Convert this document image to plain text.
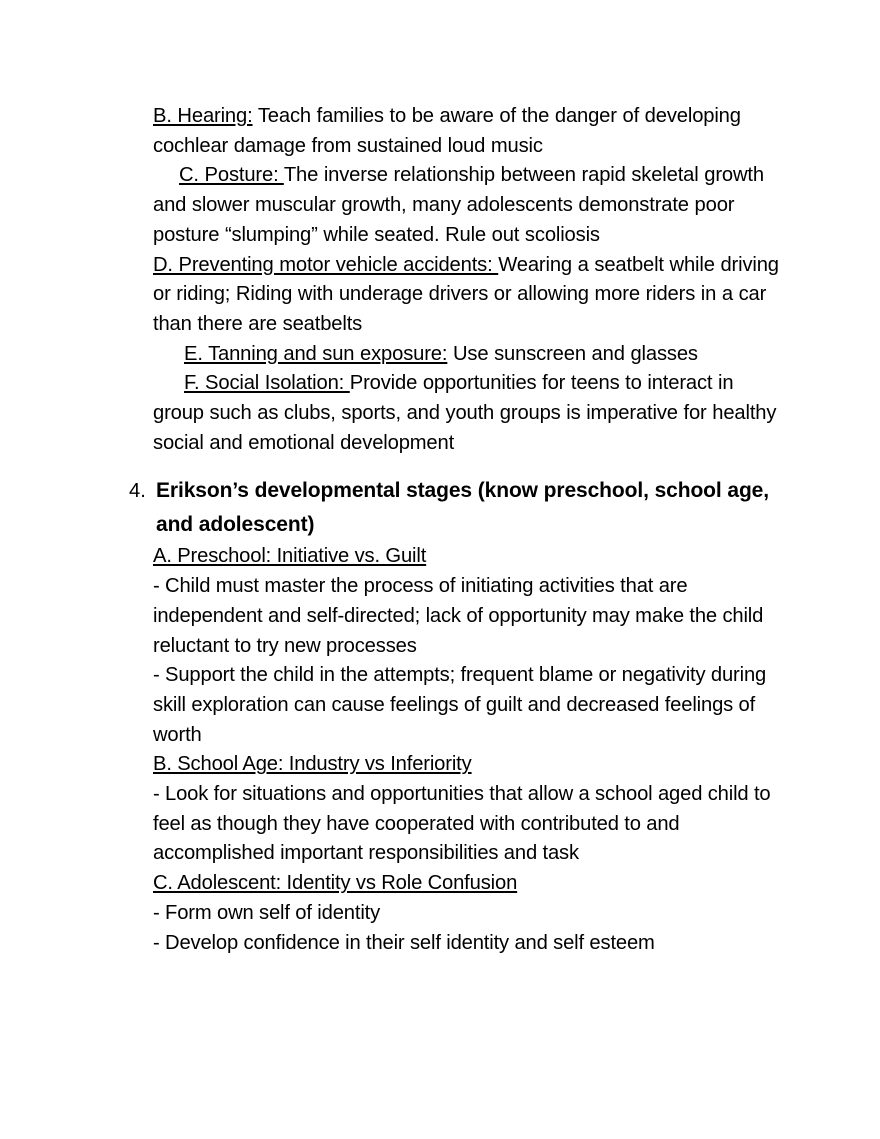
B. Hearing: Teach families to be aware of the danger of developing cochlear damage from sustained loud music

C. Posture: The inverse relationship between rapid skeletal growth and slower muscular growth, many adolescents demonstrate poor posture “slumping” while seated. Rule out scoliosis

D. Preventing motor vehicle accidents: Wearing a seatbelt while driving or riding; Riding with underage drivers or allowing more riders in a car than there are seatbelts

E. Tanning and sun exposure: Use sunscreen and glasses

F. Social Isolation: Provide opportunities for teens to interact in group such as clubs, sports, and youth groups is imperative for healthy social and emotional development

4. Erikson’s developmental stages (know preschool, school age, and adolescent)

A. Preschool: Initiative vs. Guilt

- Child must master the process of initiating activities that are independent and self-directed; lack of opportunity may make the child reluctant to try new processes

- Support the child in the attempts; frequent blame or negativity during skill exploration can cause feelings of guilt and decreased feelings of worth

B. School Age: Industry vs Inferiority

- Look for situations and opportunities that allow a school aged child to feel as though they have cooperated with contributed to and accomplished important responsibilities and task

C. Adolescent: Identity vs Role Confusion

- Form own self of identity

- Develop confidence in their self identity and self esteem
